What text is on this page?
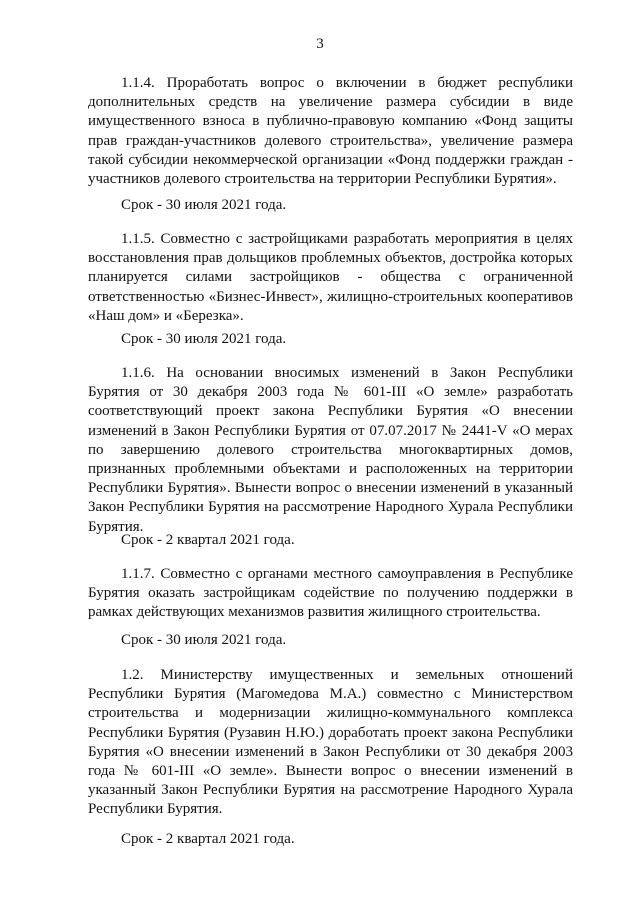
3

1.1.4. Проработать вопрос о включении в бюджет республики дополнительных средств на увеличение размера субсидии в виде имущественного взноса в публично-правовую компанию «Фонд защиты прав граждан-участников долевого строительства», увеличение размера такой субсидии некоммерческой организации «Фонд поддержки граждан - участников долевого строительства на территории Республики Бурятия».

Срок - 30 июля 2021 года.

1.1.5. Совместно с застройщиками разработать мероприятия в целях восстановления прав дольщиков проблемных объектов, достройка которых планируется силами застройщиков - общества с ограниченной ответственностью «Бизнес-Инвест», жилищно-строительных кооперативов «Наш дом» и «Березка».

Срок - 30 июля 2021 года.

1.1.6. На основании вносимых изменений в Закон Республики Бурятия от 30 декабря 2003 года № 601-III «О земле» разработать соответствующий проект закона Республики Бурятия «О внесении изменений в Закон Республики Бурятия от 07.07.2017 № 2441-V «О мерах по завершению долевого строительства многоквартирных домов, признанных проблемными объектами и расположенных на территории Республики Бурятия». Вынести вопрос о внесении изменений в указанный Закон Республики Бурятия на рассмотрение Народного Хурала Республики Бурятия.

Срок - 2 квартал 2021 года.

1.1.7. Совместно с органами местного самоуправления в Республике Бурятия оказать застройщикам содействие по получению поддержки в рамках действующих механизмов развития жилищного строительства.

Срок - 30 июля 2021 года.

1.2. Министерству имущественных и земельных отношений Республики Бурятия (Магомедова М.А.) совместно с Министерством строительства и модернизации жилищно-коммунального комплекса Республики Бурятия (Рузавин Н.Ю.) доработать проект закона Республики Бурятия «О внесении изменений в Закон Республики от 30 декабря 2003 года № 601-III «О земле». Вынести вопрос о внесении изменений в указанный Закон Республики Бурятия на рассмотрение Народного Хурала Республики Бурятия.

Срок - 2 квартал 2021 года.
